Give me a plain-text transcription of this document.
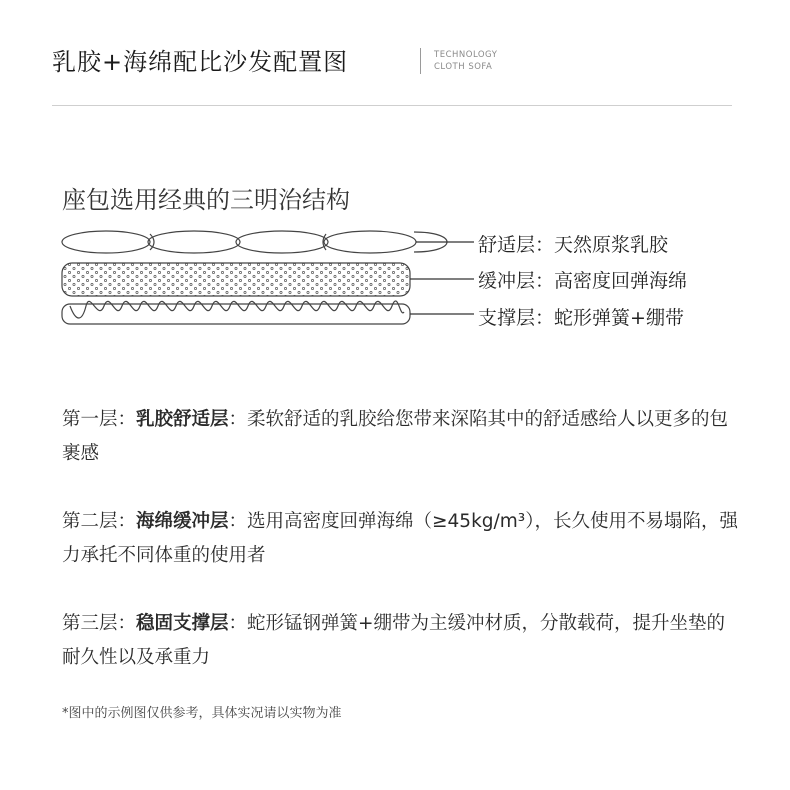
乳胶+海绵配比沙发配置图	TECHNOLOGY
CLOTH SOFA
座包选用经典的三明治结构
舒适层：天然原浆乳胶
缓冲层：高密度回弹海绵
支撑层：蛇形弹簧+绷带
第一层：乳胶舒适层：柔软舒适的乳胶给您带来深陷其中的舒适感给人以更多的包裹感
第二层：海绵缓冲层：选用高密度回弹海绵（≥45kg/m³），长久使用不易塌陷，强力承托不同体重的使用者
第三层：稳固支撑层：蛇形锰钢弹簧+绷带为主缓冲材质，分散载荷，提升坐垫的耐久性以及承重力
*图中的示例图仅供参考，具体实况请以实物为准
